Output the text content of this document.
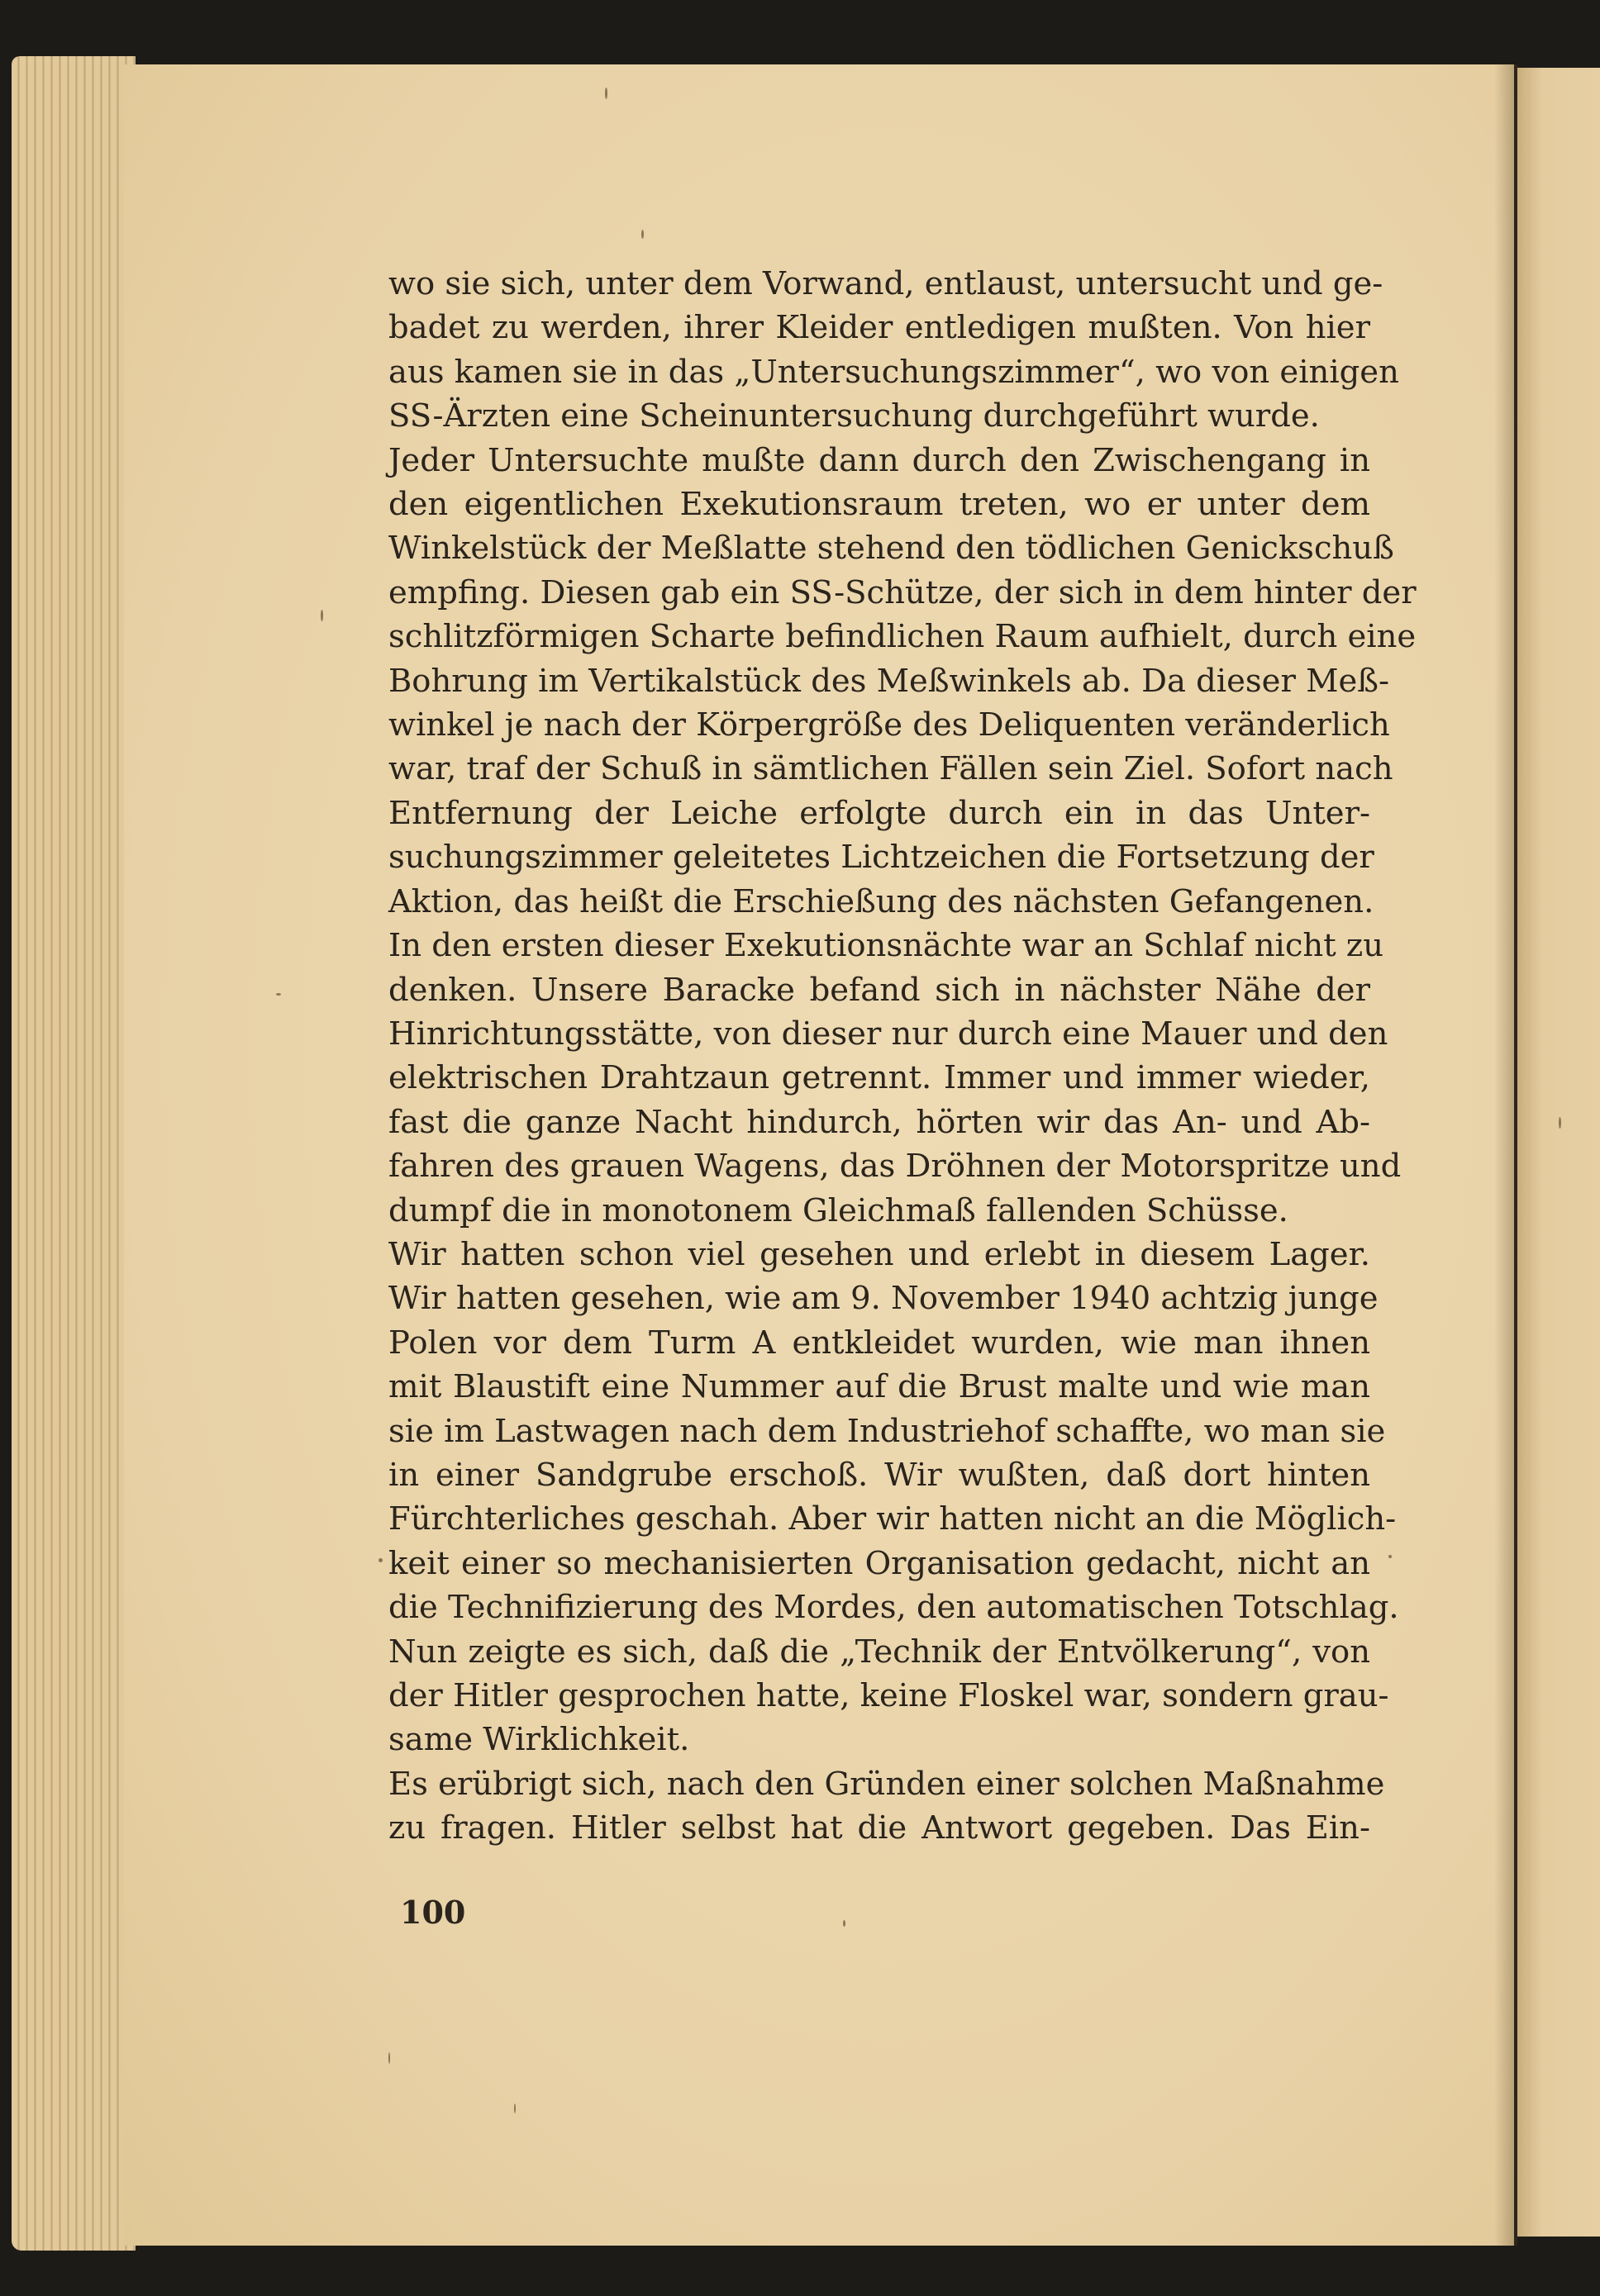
wo sie sich, unter dem Vorwand, entlaust, untersucht und ge-
badet zu werden, ihrer Kleider entledigen mußten. Von hier
aus kamen sie in das „Untersuchungszimmer“, wo von einigen
SS-Ärzten eine Scheinuntersuchung durchgeführt wurde.
Jeder Untersuchte mußte dann durch den Zwischengang in
den eigentlichen Exekutionsraum treten, wo er unter dem
Winkelstück der Meßlatte stehend den tödlichen Genickschuß
empfing. Diesen gab ein SS-Schütze, der sich in dem hinter der
schlitzförmigen Scharte befindlichen Raum aufhielt, durch eine
Bohrung im Vertikalstück des Meßwinkels ab. Da dieser Meß-
winkel je nach der Körpergröße des Deliquenten veränderlich
war, traf der Schuß in sämtlichen Fällen sein Ziel. Sofort nach
Entfernung der Leiche erfolgte durch ein in das Unter-
suchungszimmer geleitetes Lichtzeichen die Fortsetzung der
Aktion, das heißt die Erschießung des nächsten Gefangenen.
In den ersten dieser Exekutionsnächte war an Schlaf nicht zu
denken. Unsere Baracke befand sich in nächster Nähe der
Hinrichtungsstätte, von dieser nur durch eine Mauer und den
elektrischen Drahtzaun getrennt. Immer und immer wieder,
fast die ganze Nacht hindurch, hörten wir das An- und Ab-
fahren des grauen Wagens, das Dröhnen der Motorspritze und
dumpf die in monotonem Gleichmaß fallenden Schüsse.
Wir hatten schon viel gesehen und erlebt in diesem Lager.
Wir hatten gesehen, wie am 9. November 1940 achtzig junge
Polen vor dem Turm A entkleidet wurden, wie man ihnen
mit Blaustift eine Nummer auf die Brust malte und wie man
sie im Lastwagen nach dem Industriehof schaffte, wo man sie
in einer Sandgrube erschoß. Wir wußten, daß dort hinten
Fürchterliches geschah. Aber wir hatten nicht an die Möglich-
keit einer so mechanisierten Organisation gedacht, nicht an
die Technifizierung des Mordes, den automatischen Totschlag.
Nun zeigte es sich, daß die „Technik der Entvölkerung“, von
der Hitler gesprochen hatte, keine Floskel war, sondern grau-
same Wirklichkeit.
Es erübrigt sich, nach den Gründen einer solchen Maßnahme
zu fragen. Hitler selbst hat die Antwort gegeben. Das Ein-

100
